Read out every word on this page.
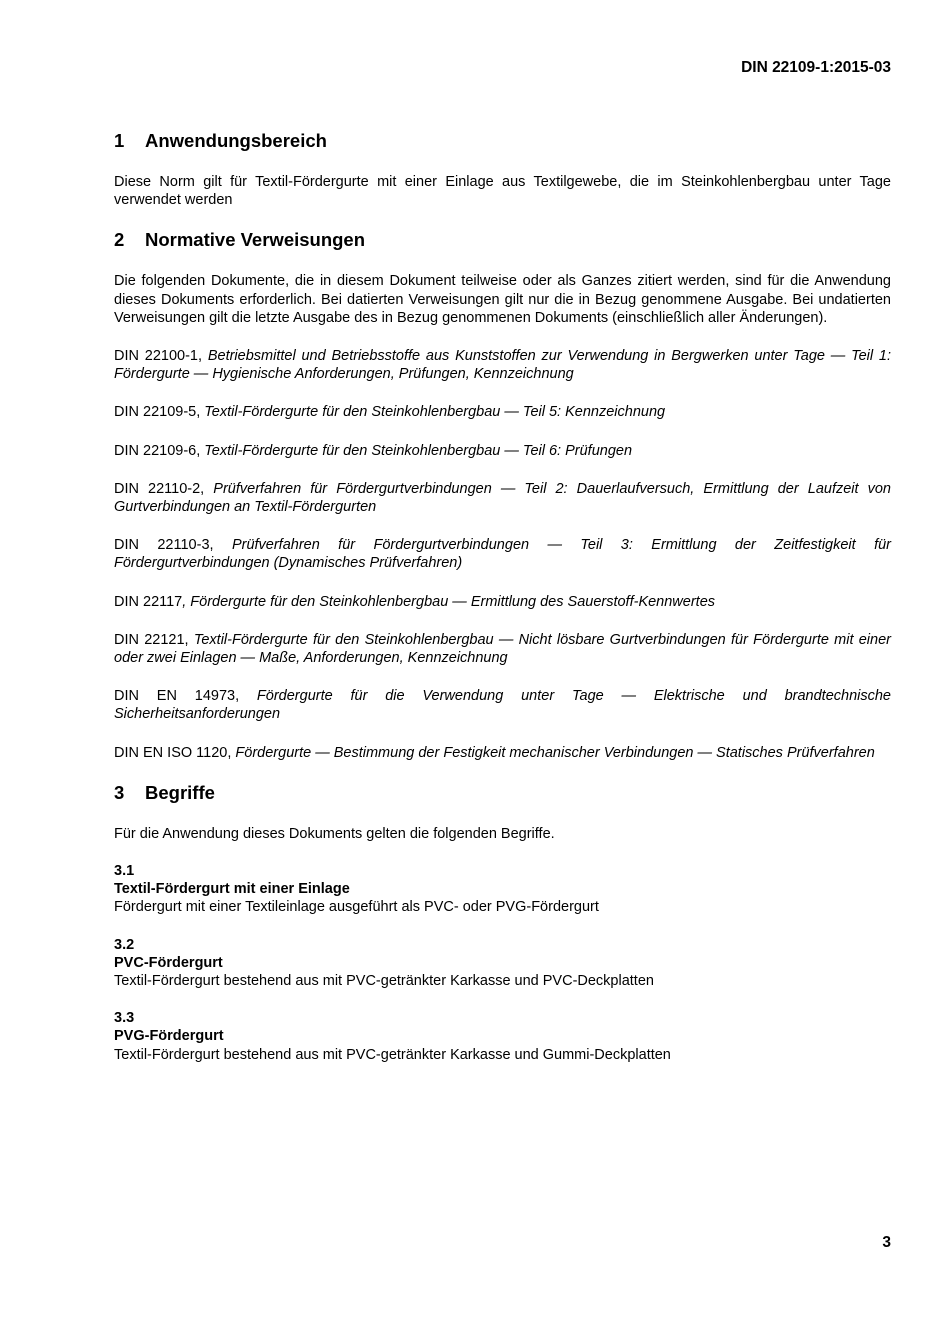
DIN 22109-1:2015-03
1	Anwendungsbereich

Diese Norm gilt für Textil-Fördergurte mit einer Einlage aus Textilgewebe, die im Steinkohlenbergbau unter Tage verwendet werden

2	Normative Verweisungen

Die folgenden Dokumente, die in diesem Dokument teilweise oder als Ganzes zitiert werden, sind für die Anwendung dieses Dokuments erforderlich. Bei datierten Verweisungen gilt nur die in Bezug genommene Ausgabe. Bei undatierten Verweisungen gilt die letzte Ausgabe des in Bezug genommenen Dokuments (einschließlich aller Änderungen).

DIN 22100-1, Betriebsmittel und Betriebsstoffe aus Kunststoffen zur Verwendung in Bergwerken unter Tage — Teil 1: Fördergurte — Hygienische Anforderungen, Prüfungen, Kennzeichnung
DIN 22109-5, Textil-Fördergurte für den Steinkohlenbergbau — Teil 5: Kennzeichnung
DIN 22109-6, Textil-Fördergurte für den Steinkohlenbergbau — Teil 6: Prüfungen
DIN 22110-2, Prüfverfahren für Fördergurtverbindungen — Teil 2: Dauerlaufversuch, Ermittlung der Laufzeit von Gurtverbindungen an Textil-Fördergurten
DIN 22110-3, Prüfverfahren für Fördergurtverbindungen — Teil 3: Ermittlung der Zeitfestigkeit für Fördergurtverbindungen (Dynamisches Prüfverfahren)
DIN 22117, Fördergurte für den Steinkohlenbergbau — Ermittlung des Sauerstoff-Kennwertes
DIN 22121, Textil-Fördergurte für den Steinkohlenbergbau — Nicht lösbare Gurtverbindungen für Fördergurte mit einer oder zwei Einlagen — Maße, Anforderungen, Kennzeichnung
DIN EN 14973, Fördergurte für die Verwendung unter Tage — Elektrische und brandtechnische Sicherheitsanforderungen
DIN EN ISO 1120, Fördergurte — Bestimmung der Festigkeit mechanischer Verbindungen — Statisches Prüfverfahren
3	Begriffe

Für die Anwendung dieses Dokuments gelten die folgenden Begriffe.

3.1
Textil-Fördergurt mit einer Einlage
Fördergurt mit einer Textileinlage ausgeführt als PVC- oder PVG-Fördergurt
3.2
PVC-Fördergurt
Textil-Fördergurt bestehend aus mit PVC-getränkter Karkasse und PVC-Deckplatten
3.3
PVG-Fördergurt
Textil-Fördergurt bestehend aus mit PVC-getränkter Karkasse und Gummi-Deckplatten
3
